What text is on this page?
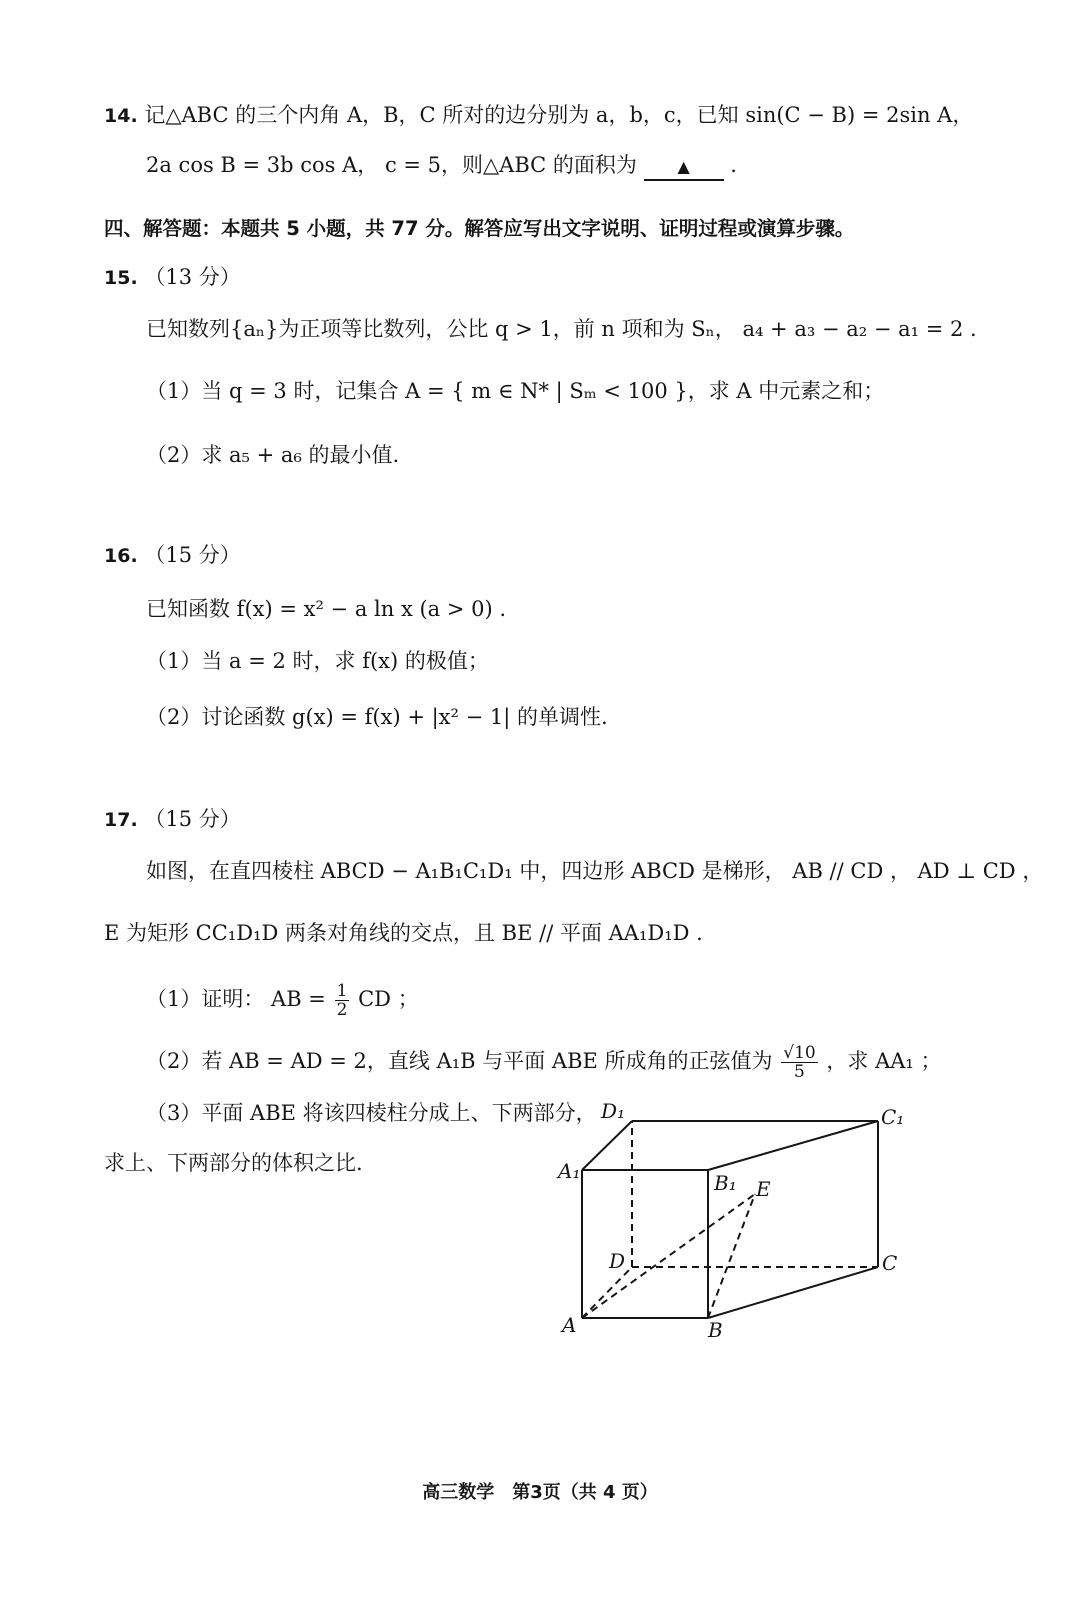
14. 记△ABC 的三个内角 A，B，C 所对的边分别为 a，b，c，已知 sin(C − B) = 2sin A，
2a cos B = 3b cos A， c = 5，则△ABC 的面积为	▲ .
四、解答题：本题共 5 小题，共 77 分。解答应写出文字说明、证明过程或演算步骤。
15. （13 分）
已知数列{aₙ}为正项等比数列，公比 q > 1，前 n 项和为 Sₙ， a₄ + a₃ − a₂ − a₁ = 2 .
（1）当 q = 3 时，记集合 A = { m ∈ N* | Sₘ < 100 }，求 A 中元素之和；
（2）求 a₅ + a₆ 的最小值.
16. （15 分）
已知函数 f(x) = x² − a ln x (a > 0) .
（1）当 a = 2 时，求 f(x) 的极值；
（2）讨论函数 g(x) = f(x) + |x² − 1| 的单调性.
17. （15 分）
如图，在直四棱柱 ABCD − A₁B₁C₁D₁ 中，四边形 ABCD 是梯形， AB // CD ， AD ⊥ CD ，
E 为矩形 CC₁D₁D 两条对角线的交点，且 BE // 平面 AA₁D₁D .
（1）证明： AB = $\frac{1}{2}$ CD ；
（2）若 AB = AD = 2，直线 A₁B 与平面 ABE 所成角的正弦值为 $\frac{√10}{5}$ ，求 AA₁ ；
（3）平面 ABE 将该四棱柱分成上、下两部分，
求上、下两部分的体积之比.
D₁	C₁
A₁	B₁ E
D	C
A	B
高三数学　第3页（共 4 页）
